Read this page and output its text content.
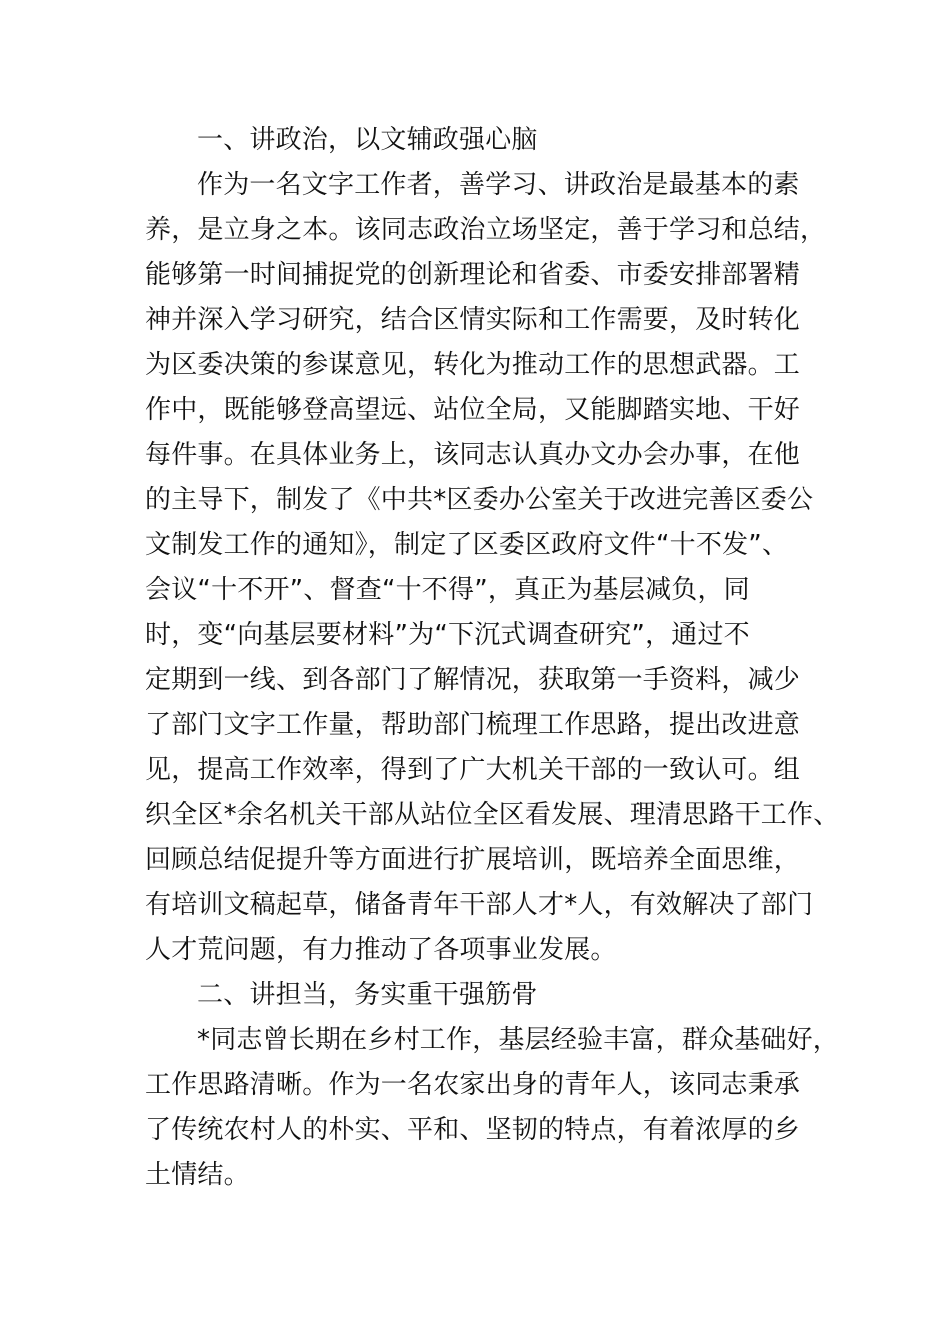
一、讲政治，以文辅政强心脑
作为一名文字工作者，善学习、讲政治是最基本的素
养，是立身之本。该同志政治立场坚定，善于学习和总结，
能够第一时间捕捉党的创新理论和省委、市委安排部署精
神并深入学习研究，结合区情实际和工作需要，及时转化
为区委决策的参谋意见，转化为推动工作的思想武器。工
作中，既能够登高望远、站位全局，又能脚踏实地、干好
每件事。在具体业务上，该同志认真办文办会办事，在他
的主导下，制发了《中共*区委办公室关于改进完善区委公
文制发工作的通知》，制定了区委区政府文件“十不发”、
会议“十不开”、督查“十不得”，真正为基层减负，同
时，变“向基层要材料”为“下沉式调查研究”，通过不
定期到一线、到各部门了解情况，获取第一手资料，减少
了部门文字工作量，帮助部门梳理工作思路，提出改进意
见，提高工作效率，得到了广大机关干部的一致认可。组
织全区*余名机关干部从站位全区看发展、理清思路干工作、
回顾总结促提升等方面进行扩展培训，既培养全面思维，
有培训文稿起草，储备青年干部人才*人，有效解决了部门
人才荒问题，有力推动了各项事业发展。
二、讲担当，务实重干强筋骨
*同志曾长期在乡村工作，基层经验丰富，群众基础好，
工作思路清晰。作为一名农家出身的青年人，该同志秉承
了传统农村人的朴实、平和、坚韧的特点，有着浓厚的乡
土情结。
